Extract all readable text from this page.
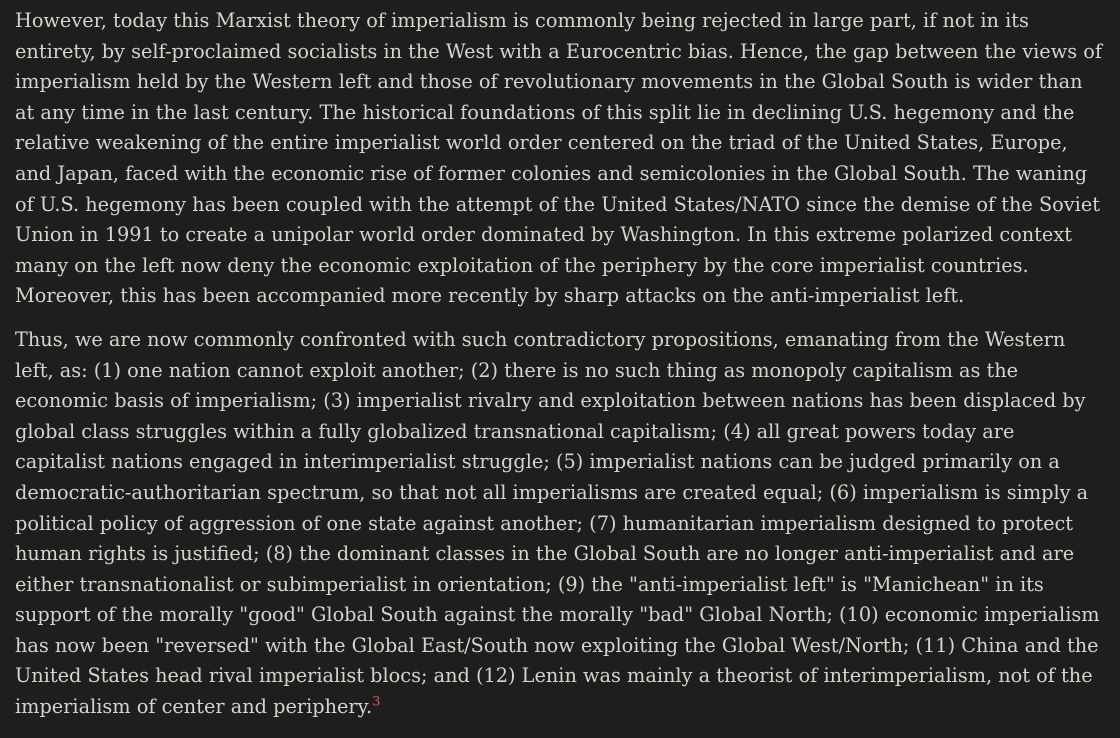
However, today this Marxist theory of imperialism is commonly being rejected in large part, if not in its entirety, by self-proclaimed socialists in the West with a Eurocentric bias. Hence, the gap between the views of imperialism held by the Western left and those of revolutionary movements in the Global South is wider than at any time in the last century. The historical foundations of this split lie in declining U.S. hegemony and the relative weakening of the entire imperialist world order centered on the triad of the United States, Europe, and Japan, faced with the economic rise of former colonies and semicolonies in the Global South. The waning of U.S. hegemony has been coupled with the attempt of the United States/NATO since the demise of the Soviet Union in 1991 to create a unipolar world order dominated by Washington. In this extreme polarized context many on the left now deny the economic exploitation of the periphery by the core imperialist countries. Moreover, this has been accompanied more recently by sharp attacks on the anti-imperialist left.

Thus, we are now commonly confronted with such contradictory propositions, emanating from the Western left, as: (1) one nation cannot exploit another; (2) there is no such thing as monopoly capitalism as the economic basis of imperialism; (3) imperialist rivalry and exploitation between nations has been displaced by global class struggles within a fully globalized transnational capitalism; (4) all great powers today are capitalist nations engaged in interimperialist struggle; (5) imperialist nations can be judged primarily on a democratic-authoritarian spectrum, so that not all imperialisms are created equal; (6) imperialism is simply a political policy of aggression of one state against another; (7) humanitarian imperialism designed to protect human rights is justified; (8) the dominant classes in the Global South are no longer anti-imperialist and are either transnationalist or subimperialist in orientation; (9) the "anti-imperialist left" is "Manichean" in its support of the morally "good" Global South against the morally "bad" Global North; (10) economic imperialism has now been "reversed" with the Global East/South now exploiting the Global West/North; (11) China and the United States head rival imperialist blocs; and (12) Lenin was mainly a theorist of interimperialism, not of the imperialism of center and periphery.$^3$
